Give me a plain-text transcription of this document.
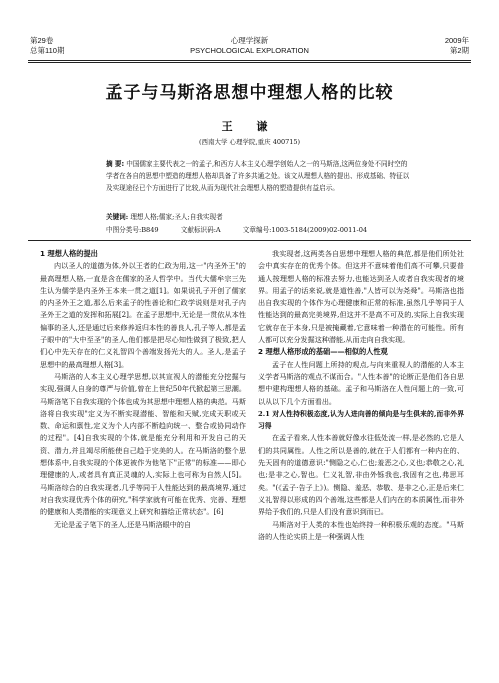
第29卷
总第110期
心理学探新
PSYCHOLOGICAL EXPLORATION
2009年
第2期
孟子与马斯洛思想中理想人格的比较
王 谦
(西南大学 心理学院,重庆 400715)
摘 要: 中国儒家主要代表之一的孟子,和西方人本主义心理学创始人之一的马斯洛,这两位身处不同时空的学者在各自的思想中塑造的理想人格却具备了许多共通之处。该文从理想人格的提出、形成基础、特征以及实现途径已个方面进行了比较,从而为现代社会理想人格的塑造提供有益启示。
关键词: 理想人格;儒家;圣人;自我实现者
中图分类号:B849	文献标识码:A	文章编号:1003-5184(2009)02-0011-04
1 理想人格的提出

内以圣人的道德为体,外以王者的仁政为用,这一"内圣外王"的最高理想人格,一直是含在儒家的圣人哲学中。当代大儒牟宗三先生认为儒学是内圣外王本来一贯之道[1]。如果说孔子开创了儒家的内圣外王之道,那么后来孟子的性善论和仁政学说则是对孔子内圣外王之道的发挥和拓展[2]。在孟子思想中,无论是一贯依从本性偏事的圣人,还是通过后来修养返归本性的善良人,孔子等人,都是孟子眼中的"大中至圣"的圣人,他们都是把尽心知性做到了极致,把人们心中先天存在的仁义礼智四个善端发扬光大的人。圣人,是孟子思想中的最高理想人格[3]。

马斯洛的人本主义心理学思想,以其宣视人的潜能充分挖掘与实现,强调人自身的尊严与价值,曾在上世纪50年代掀起第三思潮。马斯洛笔下自我实现的个体也成为其思想中理想人格的典范。马斯洛将自我实现"定义为不断实现潜能、智能和天赋,完成天职或天数、命运和禀性,定义为个人内部不断趋向统一、整合或协同动作的过程"。[4]自我实现的个体,就是能充分利用和开发自己的天资、潜力,并且竭尽所能使自己趋于完美的人。在马斯洛的整个思想体系中,自我实现的个体更被作为他笔下"正常"的标准——即心理健康的人,或者具有真正灵魂的人,实际上也可称为自然人[5]。马斯洛综合的自我实现者,几乎等同于人性能达到的最高境界,通过对自我实现优秀个体的研究,"科学家就有可能在优秀、完善、理想的健康和人类潜能的实现意义上研究和描绘正常状态"。[6]

无论是孟子笔下的圣人,还是马斯洛眼中的自

我实现者,这两类各自思想中理想人格的典范,都是他们所处社会中真实存在的优秀个体。但这并不意味着他们高不可攀,只要普通人按理想人格的标准去努力,也能达到圣人或者自我实现者的境界。用孟子的话来说,就是道性善,"人皆可以为尧舜"。马斯洛也指出自我实现的个体作为心理健康和正常的标准,虽然几乎等同于人性能达到的最高完美境界,但这并不是高不可及的,实际上自我实现它就存在于本身,只是被掩藏着,它意味着一种潜在的可能性。所有人都可以充分发掘这种潜能,从而走向自我实现。

2 理想人格形成的基础——相似的人性观

孟子在人性问题上所持的观点,与向来重视人的潜能的人本主义学者马斯洛的观点不谋而合。"人性本善"的论断正是他们各自思想中建构理想人格的基础。孟子和马斯洛在人性问题上的一致,可以从以下几个方面看出。

2.1 对人性持积极态度,认为人进向善的倾向是与生俱来的,而非外界习得

在孟子看来,人性本善就好像水往低处流一样,是必然的,它是人们的共同属性。人性之所以是善的,就在于人们都有一种内在的、先天固有的道德意识:"恻隐之心,仁也;羞恶之心,义也;恭敬之心,礼也;是非之心,智也。仁义礼智,非由外铄我也,我固有之也,弗思耳矣。"(《孟子·告子上》)。恻隐、羞恶、恭敬、是非之心,正是后来仁义礼智得以形成的四个善端,这些都是人们内在的本质属性,而非外界给予我们的,只是人们没有意识到而已。

马斯洛对于人类的本性也始终持一种积极乐观的态度。"马斯洛的人性论实质上是一种强调人性
